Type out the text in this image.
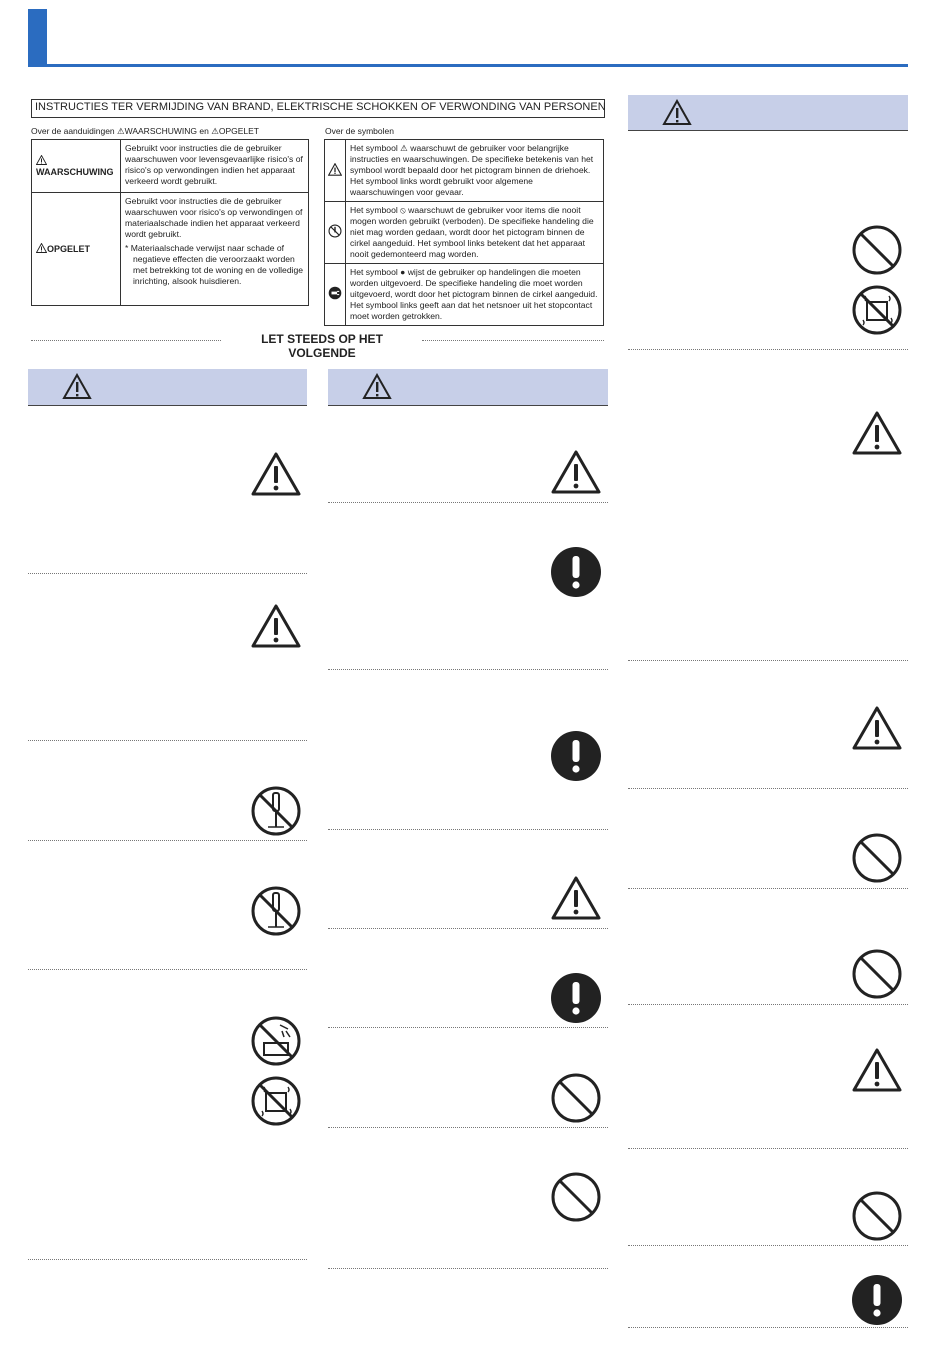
INSTRUCTIES TER VERMIJDING VAN BRAND, ELEKTRISCHE SCHOKKEN OF VERWONDING VAN PERSONEN
Over de aanduidingen ⚠WAARSCHUWING en ⚠OPGELET	Over de symbolen
WAARSCHUWING	Gebruikt voor instructies die de gebruiker waarschuwen voor levensgevaarlijke risico's of risico's op verwondingen indien het apparaat verkeerd wordt gebruikt.
OPGELET	Gebruikt voor instructies die de gebruiker waarschuwen voor risico's op verwondingen of materiaalschade indien het apparaat verkeerd wordt gebruikt.
* Materiaalschade verwijst naar schade of negatieve effecten die veroorzaakt worden met betrekking tot de woning en de volledige inrichting, alsook huisdieren.
	Het symbool ⚠ waarschuwt de gebruiker voor belangrijke instructies en waarschuwingen. De specifieke betekenis van het symbool wordt bepaald door het pictogram binnen de driehoek. Het symbool links wordt gebruikt voor algemene waarschuwingen voor gevaar.
	Het symbool ⦸ waarschuwt de gebruiker voor items die nooit mogen worden gebruikt (verboden). De specifieke handeling die niet mag worden gedaan, wordt door het pictogram binnen de cirkel aangeduid. Het symbool links betekent dat het apparaat nooit gedemonteerd mag worden.
	Het symbool ● wijst de gebruiker op handelingen die moeten worden uitgevoerd. De specifieke handeling die moet worden uitgevoerd, wordt door het pictogram binnen de cirkel aangeduid. Het symbool links geeft aan dat het netsnoer uit het stopcontact moet worden getrokken.
LET STEEDS OP HET VOLGENDE
